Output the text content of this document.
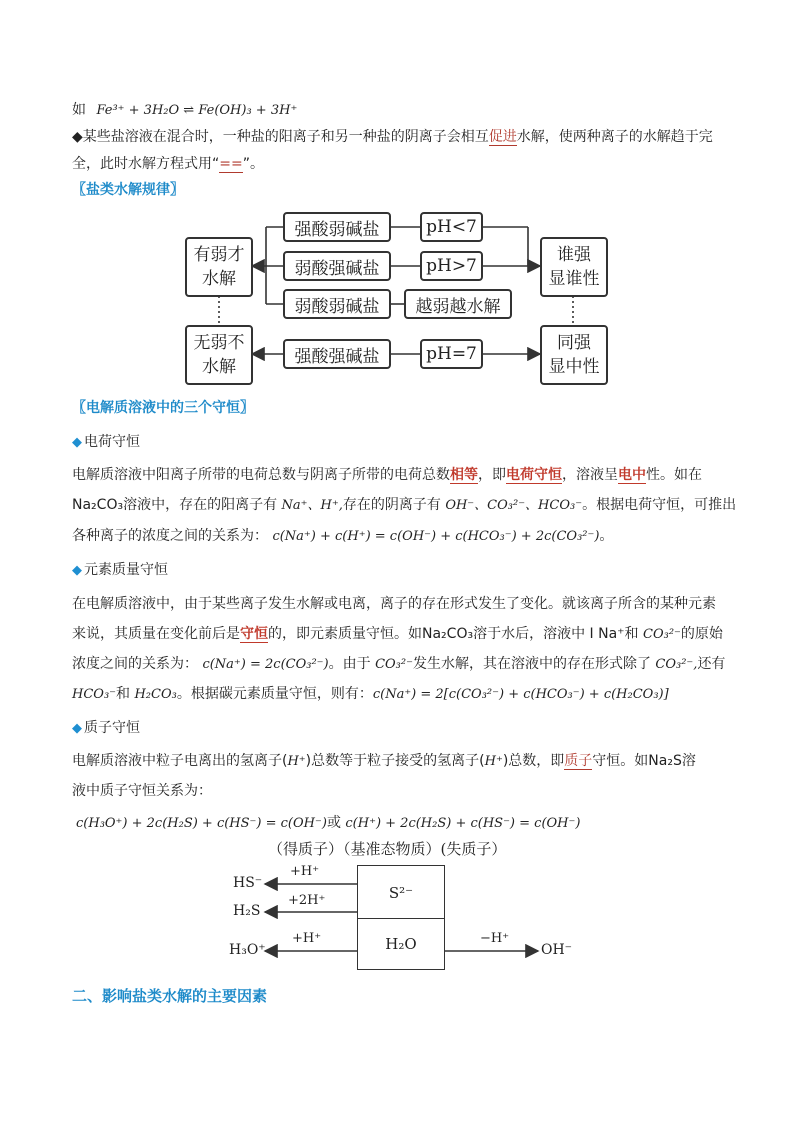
如 Fe³⁺ + 3H₂O ⇌ Fe(OH)₃ + 3H⁺
◆某些盐溶液在混合时，一种盐的阳离子和另一种盐的阴离子会相互促进水解，使两种离子的水解趋于完
全，此时水解方程式用“==”。
〖盐类水解规律〗
有弱才
水解
无弱不
水解
强酸弱碱盐
弱酸强碱盐
弱酸弱碱盐
强酸强碱盐
pH<7
pH>7
越弱越水解
pH=7
谁强
显谁性
同强
显中性
〖电解质溶液中的三个守恒〗
◆ 电荷守恒
电解质溶液中阳离子所带的电荷总数与阴离子所带的电荷总数相等，即电荷守恒，溶液呈电中性。如在
Na₂CO₃溶液中，存在的阳离子有 Na⁺、H⁺,存在的阴离子有 OH⁻、CO₃²⁻、HCO₃⁻。根据电荷守恒，可推出
各种离子的浓度之间的关系为： c(Na⁺) + c(H⁺) = c(OH⁻) + c(HCO₃⁻) + 2c(CO₃²⁻)。
◆ 元素质量守恒
在电解质溶液中，由于某些离子发生水解或电离，离子的存在形式发生了变化。就该离子所含的某种元素
来说，其质量在变化前后是守恒的，即元素质量守恒。如Na₂CO₃溶于水后，溶液中 I Na⁺和 CO₃²⁻的原始
浓度之间的关系为： c(Na⁺) = 2c(CO₃²⁻)。由于 CO₃²⁻发生水解，其在溶液中的存在形式除了 CO₃²⁻,还有
HCO₃⁻和 H₂CO₃。根据碳元素质量守恒，则有：c(Na⁺) = 2[c(CO₃²⁻) + c(HCO₃⁻) + c(H₂CO₃)]
◆ 质子守恒
电解质溶液中粒子电离出的氢离子(H⁺)总数等于粒子接受的氢离子(H⁺)总数，即质子守恒。如Na₂S溶
液中质子守恒关系为：
c(H₃O⁺) + 2c(H₂S) + c(HS⁻) = c(OH⁻)或 c(H⁺) + 2c(H₂S) + c(HS⁻) = c(OH⁻)
（得质子）（基准态物质）(失质子）
S²⁻
H₂O
HS⁻
H₂S
H₃O⁺	OH⁻
+H⁺
+2H⁺
+H⁺	−H⁺
二、影响盐类水解的主要因素
